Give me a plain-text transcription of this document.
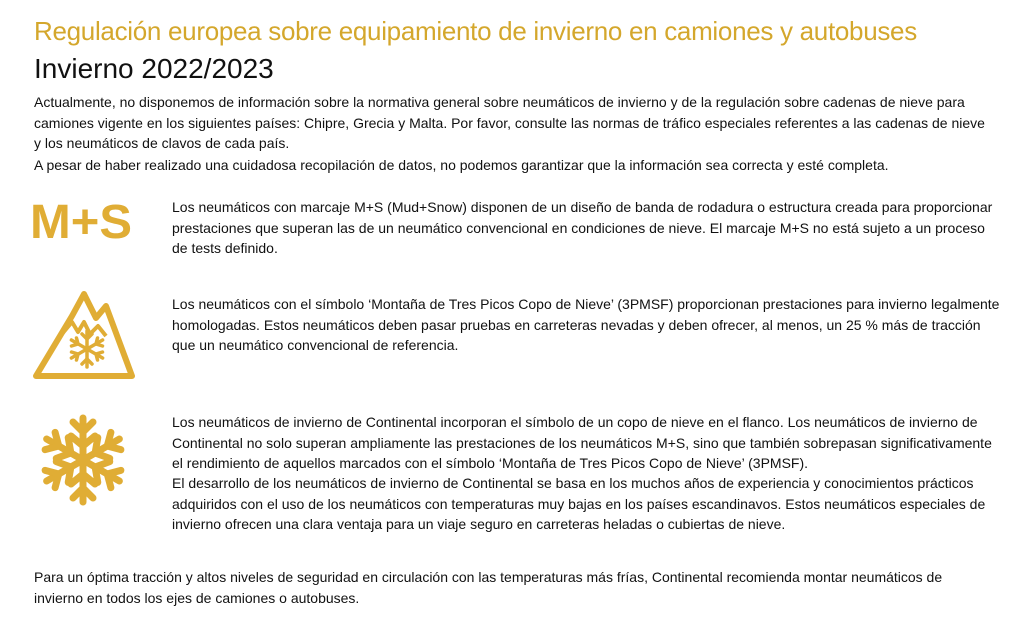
Regulación europea sobre equipamiento de invierno en camiones y autobuses
Invierno 2022/2023

Actualmente, no disponemos de información sobre la normativa general sobre neumáticos de invierno y de la regulación sobre cadenas de nieve para camiones vigente en los siguientes países: Chipre, Grecia y Malta. Por favor, consulte las normas de tráfico especiales referentes a las cadenas de nieve y los neumáticos de clavos de cada país.

A pesar de haber realizado una cuidadosa recopilación de datos, no podemos garantizar que la información sea correcta y esté completa.

M+S	Los neumáticos con marcaje M+S (Mud+Snow) disponen de un diseño de banda de rodadura o estructura creada para proporcionar prestaciones que superan las de un neumático convencional en condiciones de nieve. El marcaje M+S no está sujeto a un proceso de tests definido.

Los neumáticos con el símbolo ‘Montaña de Tres Picos Copo de Nieve’ (3PMSF) proporcionan prestaciones para invierno legalmente homologadas. Estos neumáticos deben pasar pruebas en carreteras nevadas y deben ofrecer, al menos, un 25 % más de tracción que un neumático convencional de referencia.

Los neumáticos de invierno de Continental incorporan el símbolo de un copo de nieve en el flanco. Los neumáticos de invierno de Continental no solo superan ampliamente las prestaciones de los neumáticos M+S, sino que también sobrepasan significativamente el rendimiento de aquellos marcados con el símbolo ‘Montaña de Tres Picos Copo de Nieve’ (3PMSF).

El desarrollo de los neumáticos de invierno de Continental se basa en los muchos años de experiencia y conocimientos prácticos adquiridos con el uso de los neumáticos con temperaturas muy bajas en los países escandinavos. Estos neumáticos especiales de invierno ofrecen una clara ventaja para un viaje seguro en carreteras heladas o cubiertas de nieve.

Para un óptima tracción y altos niveles de seguridad en circulación con las temperaturas más frías, Continental recomienda montar neumáticos de invierno en todos los ejes de camiones o autobuses.
